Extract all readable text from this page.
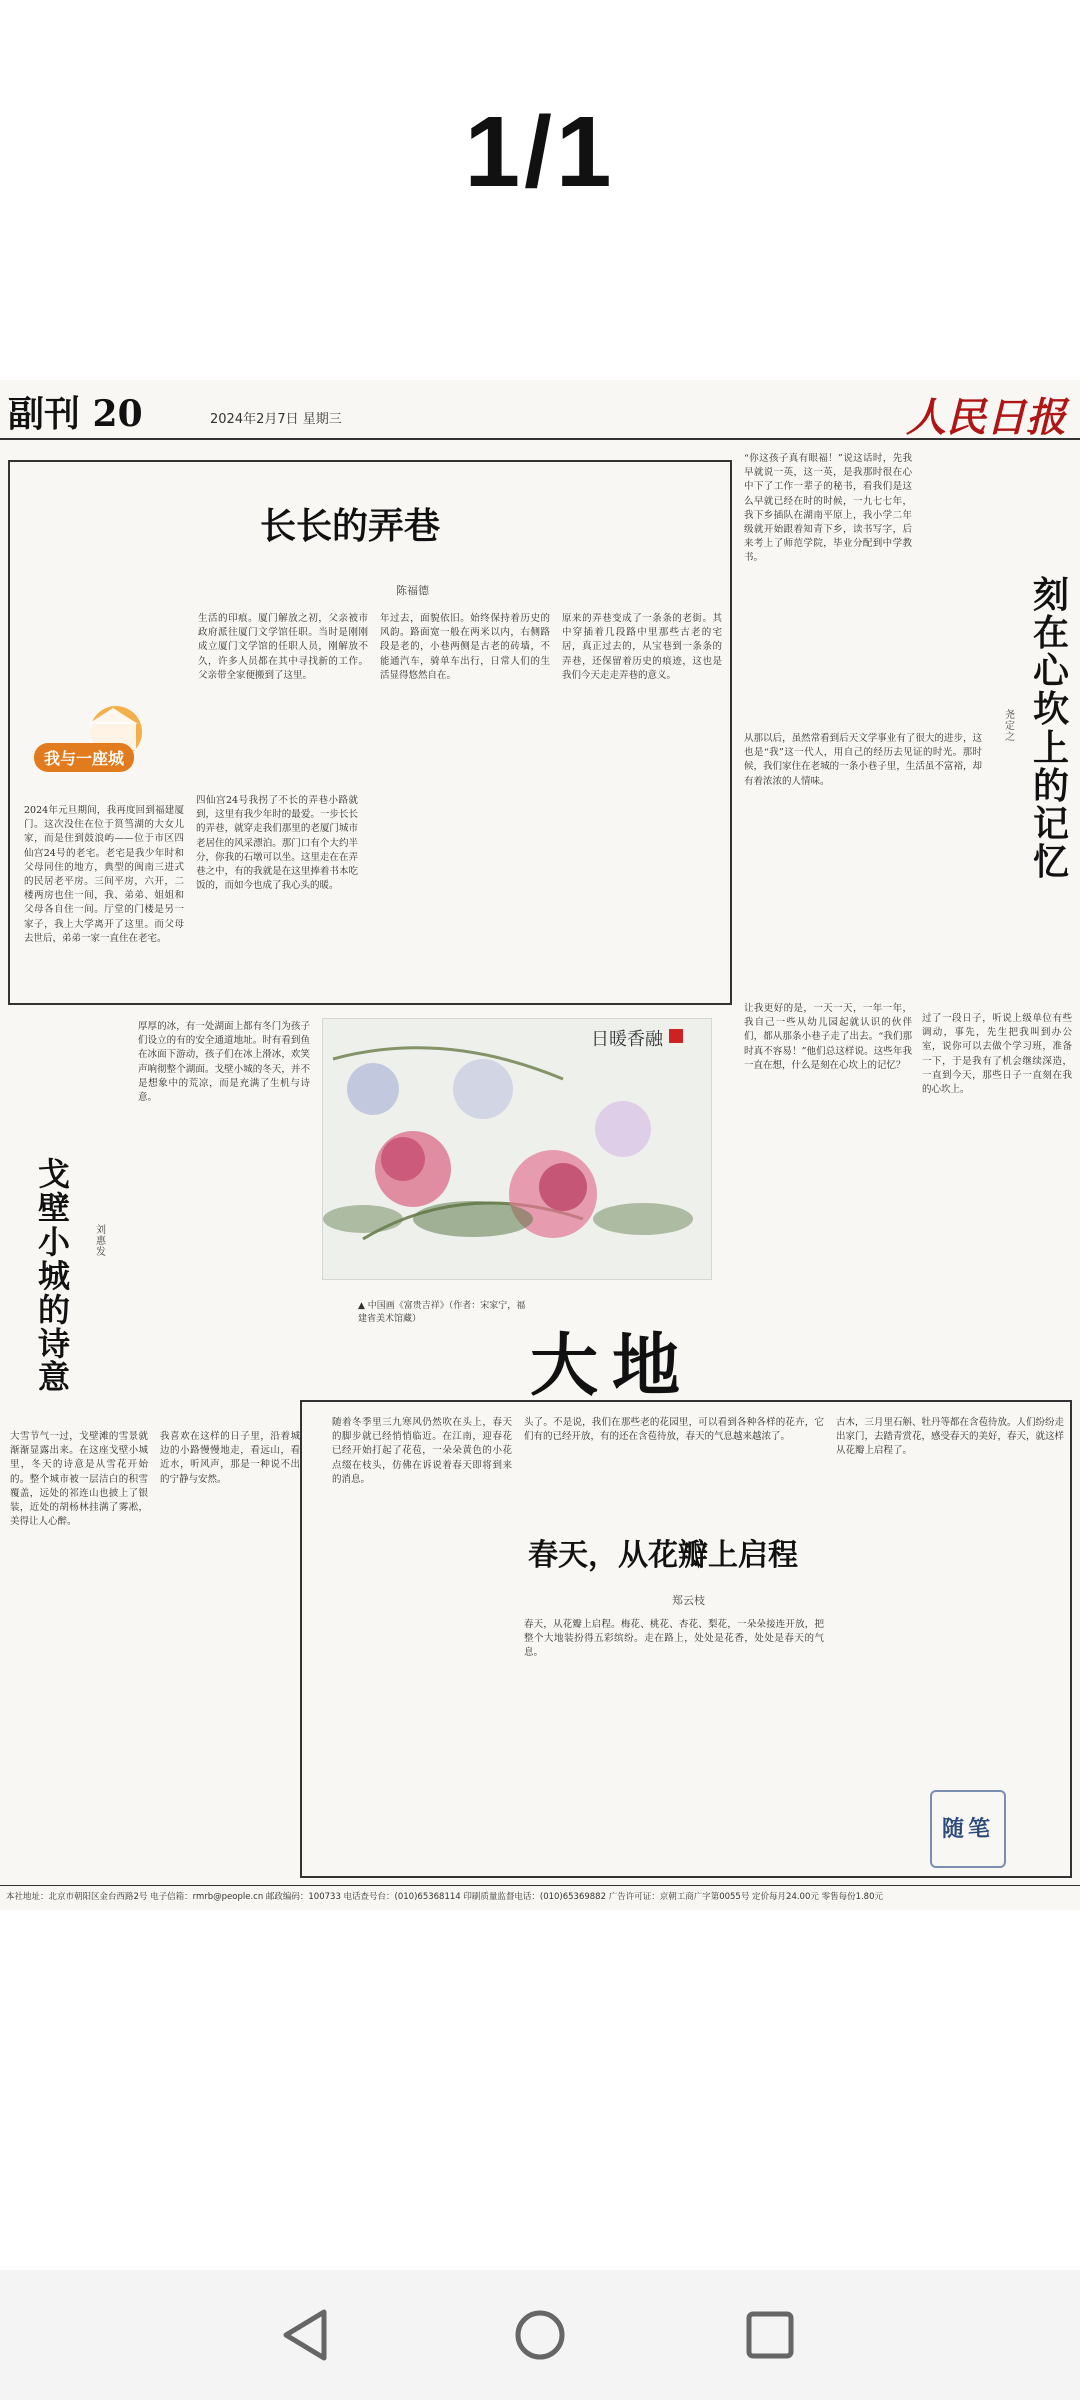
1/1
副刊 20	2024年2月7日 星期三	人民日报
长长的弄巷
陈福德
我与一座城
2024年元旦期间，我再度回到福建厦门。这次没住在位于筼筜湖的大女儿家，而是住到鼓浪屿——位于市区四仙宫24号的老宅。老宅是我少年时和父母同住的地方，典型的闽南三进式的民居老平房。三间平房，六开，二楼两房也住一间，我、弟弟、姐姐和父母各自住一间。厅堂的门楼是另一家子，我上大学离开了这里。而父母去世后，弟弟一家一直住在老宅。
四仙宫24号我拐了不长的弄巷小路就到，这里有我少年时的最爱。一步长长的弄巷，就穿走我们那里的老厦门城市老居住的风采漂泊。那门口有个大约半分，你我的石墩可以坐。这里走在在弄巷之中，有的我就是在这里捧着书本吃饭的，而如今也成了我心头的暖。
生活的印痕。厦门解放之初，父亲被市政府派往厦门文学馆任职。当时是刚刚成立厦门文学馆的任职人员，刚解放不久，许多人员都在其中寻找新的工作。父亲带全家便搬到了这里。
年过去，面貌依旧。始终保持着历史的风韵。路面宽一般在两米以内，右侧路段是老的，小巷两侧是古老的砖墙，不能通汽车，骑单车出行，日常人们的生活显得悠然自在。
原来的弄巷变成了一条条的老街。其中穿插着几段路中里那些古老的宅居，真正过去的，从宝巷到一条条的弄巷，还保留着历史的痕迹，这也是我们今天走走弄巷的意义。
“你这孩子真有眼福！”说这话时，先我早就说一英，这一英，是我那时很在心中下了工作一辈子的秘书，看我们是这么早就已经在时的时候，一九七七年，我下乡插队在湖南平原上，我小学二年级就开始跟着知青下乡，读书写字，后来考上了师范学院，毕业分配到中学教书。
从那以后，虽然常看到后天文学事业有了很大的进步，这也是“我”这一代人，用自己的经历去见证的时光。那时候，我们家住在老城的一条小巷子里，生活虽不富裕，却有着浓浓的人情味。
让我更好的是，一天一天，一年一年，我自己一些从幼儿园起就认识的伙伴们，都从那条小巷子走了出去。“我们那时真不容易！”他们总这样说。这些年我一直在想，什么是刻在心坎上的记忆？
过了一段日子，听说上级单位有些调动，事先，先生把我叫到办公室，说你可以去做个学习班，准备一下，于是我有了机会继续深造，一直到今天，那些日子一直刻在我的心坎上。
刻
在
心
坎
上
的
记
忆
尧
定
之
戈
壁
小
城
的
诗
意
刘
惠
发
厚厚的冰，有一处湖面上都有冬门为孩子们设立的有的安全通道地址。时有看到鱼在冰面下游动，孩子们在冰上滑冰，欢笑声响彻整个湖面。戈壁小城的冬天，并不是想象中的荒凉，而是充满了生机与诗意。
大雪节气一过，戈壁滩的雪景就渐渐显露出来。在这座戈壁小城里，冬天的诗意是从雪花开始的。整个城市被一层洁白的积雪覆盖，远处的祁连山也披上了银装，近处的胡杨林挂满了雾凇，美得让人心醉。
我喜欢在这样的日子里，沿着城边的小路慢慢地走，看远山，看近水，听风声，那是一种说不出的宁静与安然。
日暖香融
▲ 中国画《富贵吉祥》（作者：宋家宁，福建省美术馆藏）
大地
随着冬季里三九寒风仍然吹在头上，春天的脚步就已经悄悄临近。在江南，迎春花已经开始打起了花苞，一朵朵黄色的小花点缀在枝头，仿佛在诉说着春天即将到来的消息。
头了。不是说，我们在那些老的花园里，可以看到各种各样的花卉，它们有的已经开放，有的还在含苞待放，春天的气息越来越浓了。
春天，从花瓣上启程
郑云枝
春天，从花瓣上启程。梅花、桃花、杏花、梨花，一朵朵接连开放，把整个大地装扮得五彩缤纷。走在路上，处处是花香，处处是春天的气息。
古木，三月里石斛、牡丹等都在含苞待放。人们纷纷走出家门，去踏青赏花，感受春天的美好，春天，就这样从花瓣上启程了。
随笔
本社地址：北京市朝阳区金台西路2号 电子信箱：rmrb@people.cn 邮政编码：100733 电话查号台：(010)65368114 印刷质量监督电话：(010)65369882 广告许可证：京朝工商广字第0055号 定价每月24.00元 零售每份1.80元
